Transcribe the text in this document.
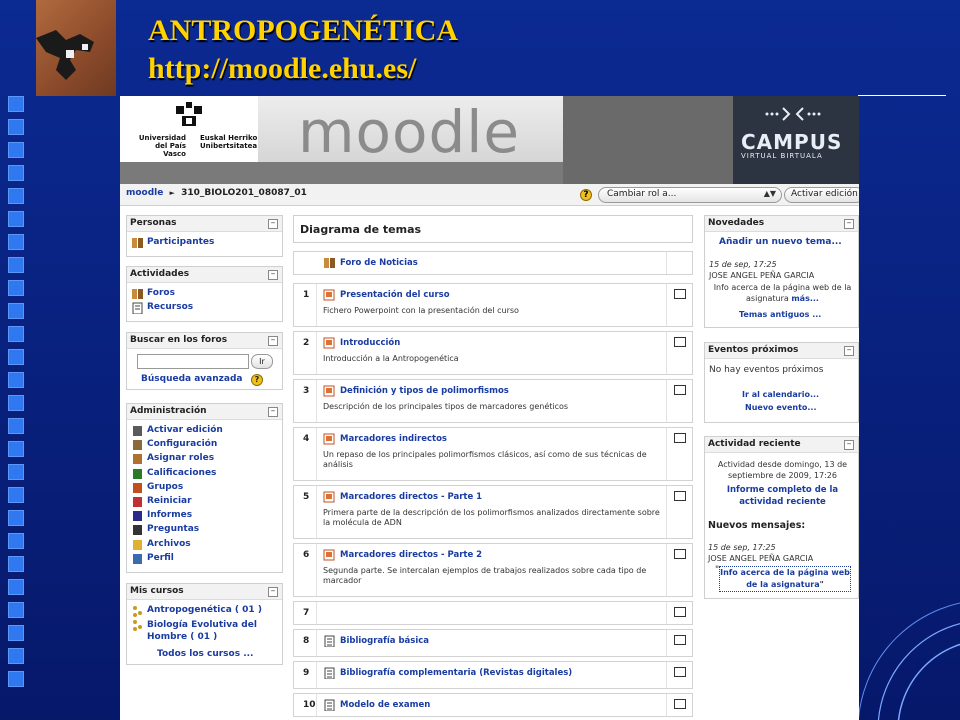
ANTROPOGENÉTICA
http://moodle.ehu.es/
Universidad
del País Vasco
Euskal Herriko
Unibertsitatea moodle	CAMPUS
VIRTUAL BIRTUALA
moodle ► 310_BIOLO201_08087_01	?	Cambiar rol a...	▲▼	Activar edición
Personas	–
Participantes
Actividades	–
Foros
Recursos
Buscar en los foros	–
Ir
Búsqueda avanzada	?
Administración	–
Activar edición
Configuración
Asignar roles
Calificaciones
Grupos
Reiniciar
Informes
Preguntas
Archivos
Perfil
Mis cursos	–
Antropogenética ( 01 )
Biología Evolutiva del
Hombre ( 01 )
Todos los cursos ...
Diagrama de temas
Foro de Noticias
1	Presentación del curso
Fichero Powerpoint con la presentación del curso
2	Introducción
Introducción a la Antropogenética
3	Definición y tipos de polimorfismos
Descripción de los principales tipos de marcadores genéticos
4	Marcadores indirectos
Un repaso de los principales polimorfismos clásicos, así como de sus técnicas de análisis
5	Marcadores directos - Parte 1
Primera parte de la descripción de los polimorfismos analizados directamente sobre la molécula de ADN
6	Marcadores directos - Parte 2
Segunda parte. Se intercalan ejemplos de trabajos realizados sobre cada tipo de marcador
7
8	Bibliografía básica
9	Bibliografía complementaria (Revistas digitales)
10	Modelo de examen
Novedades	–
Añadir un nuevo tema...
15 de sep, 17:25
JOSE ANGEL PEÑA GARCIA
Info acerca de la página web de la
asignatura más...
Temas antiguos ...
Eventos próximos	–
No hay eventos próximos
Ir al calendario...
Nuevo evento...
Actividad reciente	–
Actividad desde domingo, 13 de
septiembre de 2009, 17:26
Informe completo de la
actividad reciente
Nuevos mensajes:
15 de sep, 17:25
JOSE ANGEL PEÑA GARCIA
" Info acerca de la página web
de la asignatura"
